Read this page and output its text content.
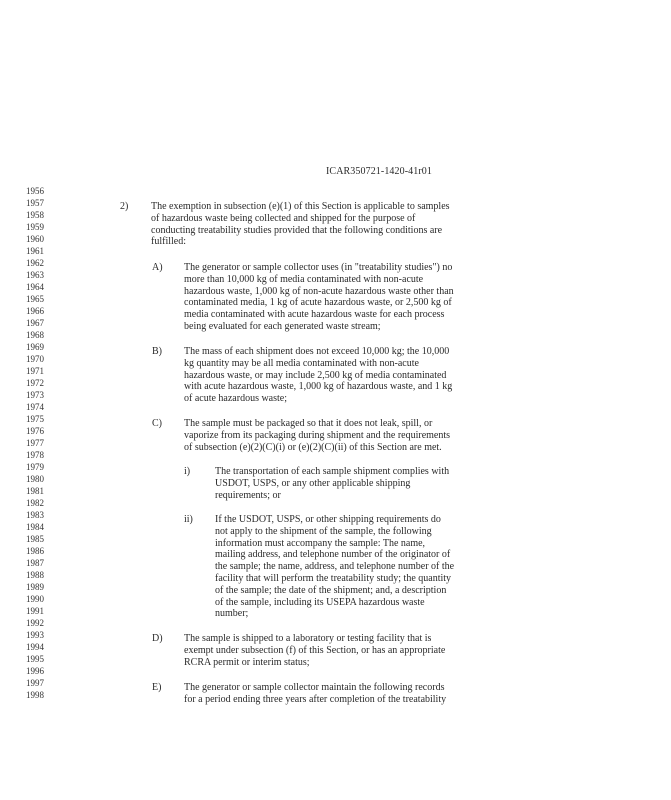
ICAR350721-1420-41r01
1956
1957
1958
1959
1960
1961
1962
1963
1964
1965
1966
1967
1968
1969
1970
1971
1972
1973
1974
1975
1976
1977
1978
1979
1980
1981
1982
1983
1984
1985
1986
1987
1988
1989
1990
1991
1992
1993
1994
1995
1996
1997
1998
2) The exemption in subsection (e)(1) of this Section is applicable to samples
of hazardous waste being collected and shipped for the purpose of
conducting treatability studies provided that the following conditions are
fulfilled:
A) The generator or sample collector uses (in "treatability studies") no
more than 10,000 kg of media contaminated with non-acute
hazardous waste, 1,000 kg of non-acute hazardous waste other than
contaminated media, 1 kg of acute hazardous waste, or 2,500 kg of
media contaminated with acute hazardous waste for each process
being evaluated for each generated waste stream;
B) The mass of each shipment does not exceed 10,000 kg; the 10,000
kg quantity may be all media contaminated with non-acute
hazardous waste, or may include 2,500 kg of media contaminated
with acute hazardous waste, 1,000 kg of hazardous waste, and 1 kg
of acute hazardous waste;
C) The sample must be packaged so that it does not leak, spill, or
vaporize from its packaging during shipment and the requirements
of subsection (e)(2)(C)(i) or (e)(2)(C)(ii) of this Section are met.
i) The transportation of each sample shipment complies with
USDOT, USPS, or any other applicable shipping
requirements; or
ii) If the USDOT, USPS, or other shipping requirements do
not apply to the shipment of the sample, the following
information must accompany the sample: The name,
mailing address, and telephone number of the originator of
the sample; the name, address, and telephone number of the
facility that will perform the treatability study; the quantity
of the sample; the date of the shipment; and, a description
of the sample, including its USEPA hazardous waste
number;
D) The sample is shipped to a laboratory or testing facility that is
exempt under subsection (f) of this Section, or has an appropriate
RCRA permit or interim status;
E) The generator or sample collector maintain the following records
for a period ending three years after completion of the treatability
